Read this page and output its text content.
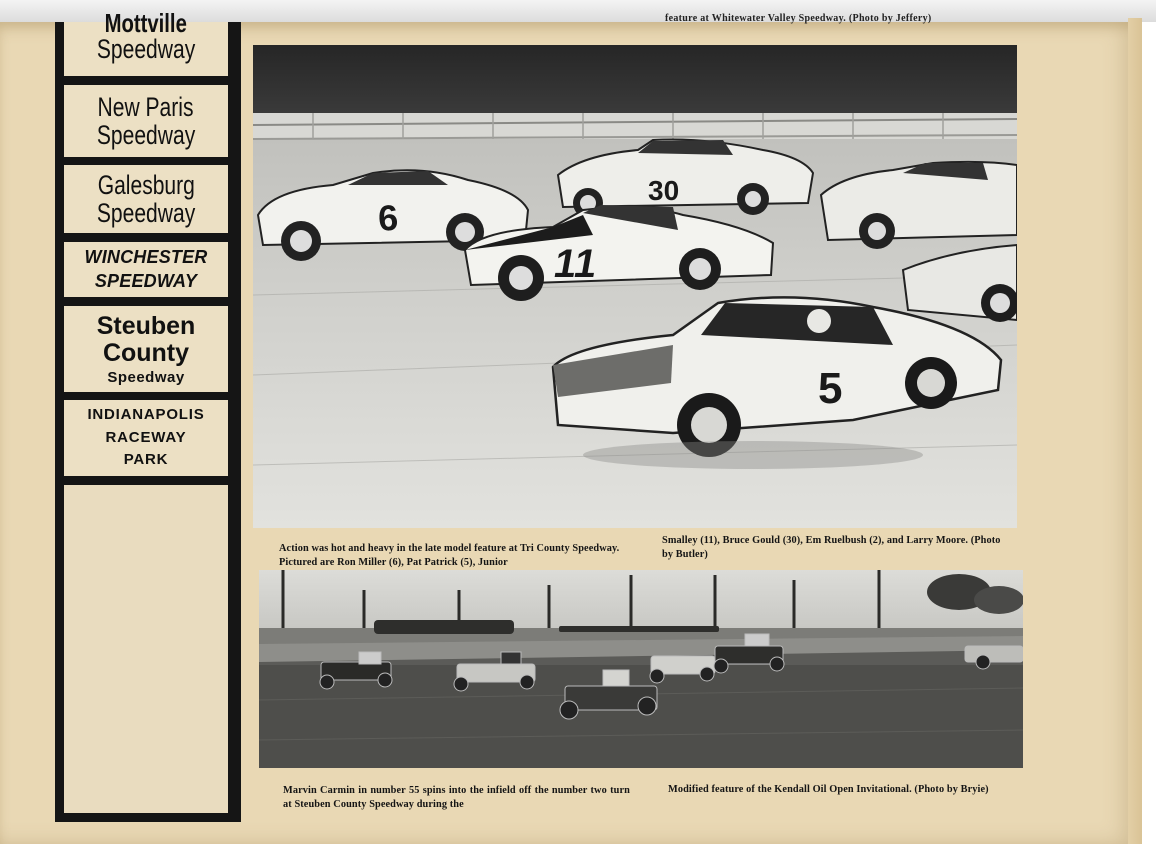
Mottville
Speedway
New Paris
Speedway
Galesburg
Speedway
WINCHESTER
SPEEDWAY
Steuben
County
Speedway
INDIANAPOLIS
RACEWAY
PARK
feature at Whitewater Valley Speedway. (Photo by Jeffery)
6
30
11
5
Action was hot and heavy in the late model feature at Tri County Speedway. Pictured are Ron Miller (6), Pat Patrick (5), Junior
Smalley (11), Bruce Gould (30), Em Ruelbush (2), and Larry Moore. (Photo by Butler)
Marvin Carmin in number 55 spins into the infield off the number two turn at Steuben County Speedway during the
Modified feature of the Kendall Oil Open Invitational. (Photo by Bryie)
